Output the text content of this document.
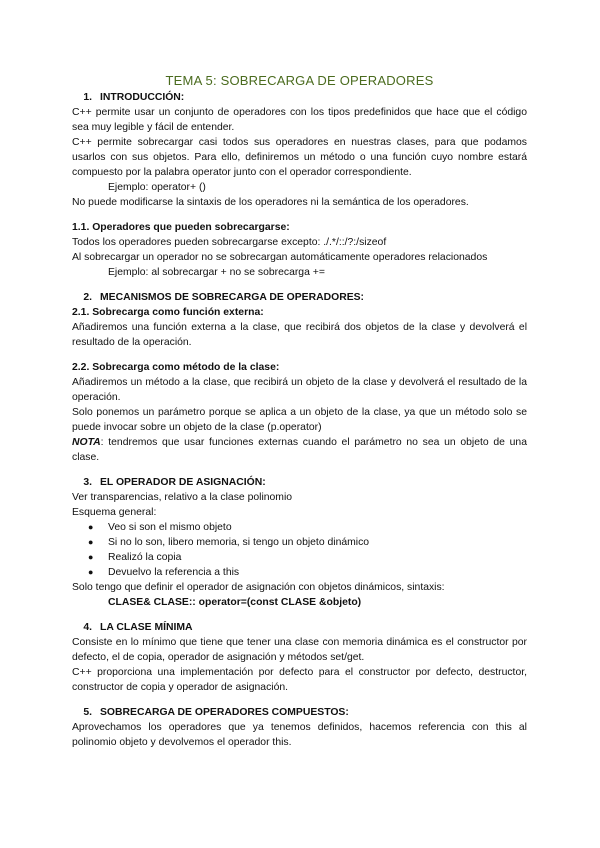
TEMA 5: SOBRECARGA DE OPERADORES
1. INTRODUCCIÓN:

C++ permite usar un conjunto de operadores con los tipos predefinidos que hace que el código sea muy legible y fácil de entender.

C++ permite sobrecargar casi todos sus operadores en nuestras clases, para que podamos usarlos con sus objetos. Para ello, definiremos un método o una función cuyo nombre estará compuesto por la palabra operator junto con el operador correspondiente.

Ejemplo: operator+ ()

No puede modificarse la sintaxis de los operadores ni la semántica de los operadores.

1.1. Operadores que pueden sobrecargarse:

Todos los operadores pueden sobrecargarse excepto: ./.*/::/?:/sizeof

Al sobrecargar un operador no se sobrecargan automáticamente operadores relacionados

Ejemplo: al sobrecargar + no se sobrecarga +=

2. MECANISMOS DE SOBRECARGA DE OPERADORES:
2.1. Sobrecarga como función externa:

Añadiremos una función externa a la clase, que recibirá dos objetos de la clase y devolverá el resultado de la operación.

2.2. Sobrecarga como método de la clase:

Añadiremos un método a la clase, que recibirá un objeto de la clase y devolverá el resultado de la operación.

Solo ponemos un parámetro porque se aplica a un objeto de la clase, ya que un método solo se puede invocar sobre un objeto de la clase (p.operator)

NOTA: tendremos que usar funciones externas cuando el parámetro no sea un objeto de una clase.

3. EL OPERADOR DE ASIGNACIÓN:

Ver transparencias, relativo a la clase polinomio

Esquema general:

● Veo si son el mismo objeto
● Si no lo son, libero memoria, si tengo un objeto dinámico
● Realizó la copia
● Devuelvo la referencia a this

Solo tengo que definir el operador de asignación con objetos dinámicos, sintaxis:

CLASE& CLASE:: operator=(const CLASE &objeto)

4. LA CLASE MÍNIMA

Consiste en lo mínimo que tiene que tener una clase con memoria dinámica es el constructor por defecto, el de copia, operador de asignación y métodos set/get.

C++ proporciona una implementación por defecto para el constructor por defecto, destructor, constructor de copia y operador de asignación.

5. SOBRECARGA DE OPERADORES COMPUESTOS:

Aprovechamos los operadores que ya tenemos definidos, hacemos referencia con this al polinomio objeto y devolvemos el operador this.
